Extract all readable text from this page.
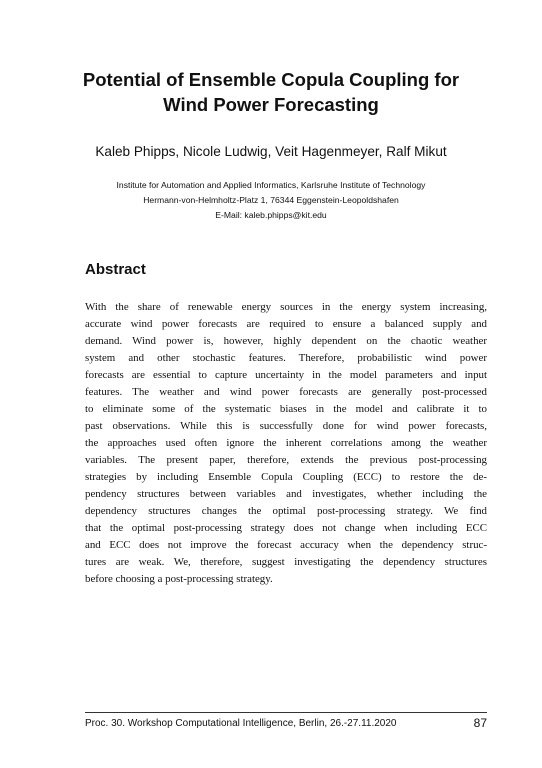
Potential of Ensemble Copula Coupling for
Wind Power Forecasting
Kaleb Phipps, Nicole Ludwig, Veit Hagenmeyer, Ralf Mikut
Institute for Automation and Applied Informatics, Karlsruhe Institute of Technology
Hermann-von-Helmholtz-Platz 1, 76344 Eggenstein-Leopoldshafen
E-Mail: kaleb.phipps@kit.edu
Abstract
With the share of renewable energy sources in the energy system increasing,
accurate wind power forecasts are required to ensure a balanced supply and
demand. Wind power is, however, highly dependent on the chaotic weather
system and other stochastic features. Therefore, probabilistic wind power
forecasts are essential to capture uncertainty in the model parameters and input
features. The weather and wind power forecasts are generally post-processed
to eliminate some of the systematic biases in the model and calibrate it to
past observations. While this is successfully done for wind power forecasts,
the approaches used often ignore the inherent correlations among the weather
variables. The present paper, therefore, extends the previous post-processing
strategies by including Ensemble Copula Coupling (ECC) to restore the de-
pendency structures between variables and investigates, whether including the
dependency structures changes the optimal post-processing strategy. We find
that the optimal post-processing strategy does not change when including ECC
and ECC does not improve the forecast accuracy when the dependency struc-
tures are weak. We, therefore, suggest investigating the dependency structures
before choosing a post-processing strategy.
Proc. 30. Workshop Computational Intelligence, Berlin, 26.-27.11.2020	87
